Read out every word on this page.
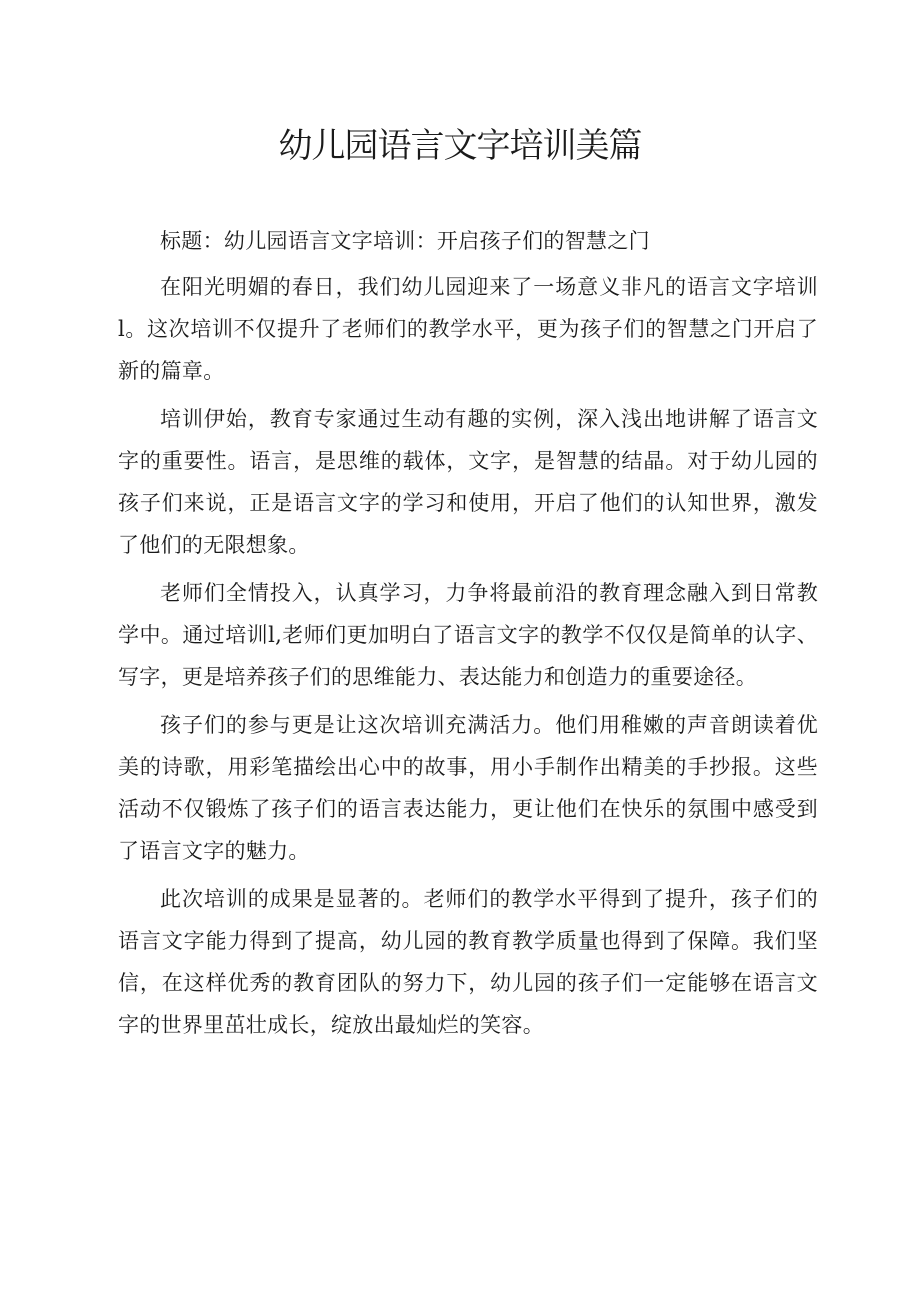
幼儿园语言文字培训美篇

标题：幼儿园语言文字培训：开启孩子们的智慧之门

在阳光明媚的春日，我们幼儿园迎来了一场意义非凡的语言文字培训l。这次培训不仅提升了老师们的教学水平，更为孩子们的智慧之门开启了新的篇章。

培训伊始，教育专家通过生动有趣的实例，深入浅出地讲解了语言文字的重要性。语言，是思维的载体，文字，是智慧的结晶。对于幼儿园的孩子们来说，正是语言文字的学习和使用，开启了他们的认知世界，激发了他们的无限想象。

老师们全情投入，认真学习，力争将最前沿的教育理念融入到日常教学中。通过培训l,老师们更加明白了语言文字的教学不仅仅是简单的认字、写字，更是培养孩子们的思维能力、表达能力和创造力的重要途径。

孩子们的参与更是让这次培训充满活力。他们用稚嫩的声音朗读着优美的诗歌，用彩笔描绘出心中的故事，用小手制作出精美的手抄报。这些活动不仅锻炼了孩子们的语言表达能力，更让他们在快乐的氛围中感受到了语言文字的魅力。

此次培训的成果是显著的。老师们的教学水平得到了提升，孩子们的语言文字能力得到了提高，幼儿园的教育教学质量也得到了保障。我们坚信，在这样优秀的教育团队的努力下，幼儿园的孩子们一定能够在语言文字的世界里茁壮成长，绽放出最灿烂的笑容。
